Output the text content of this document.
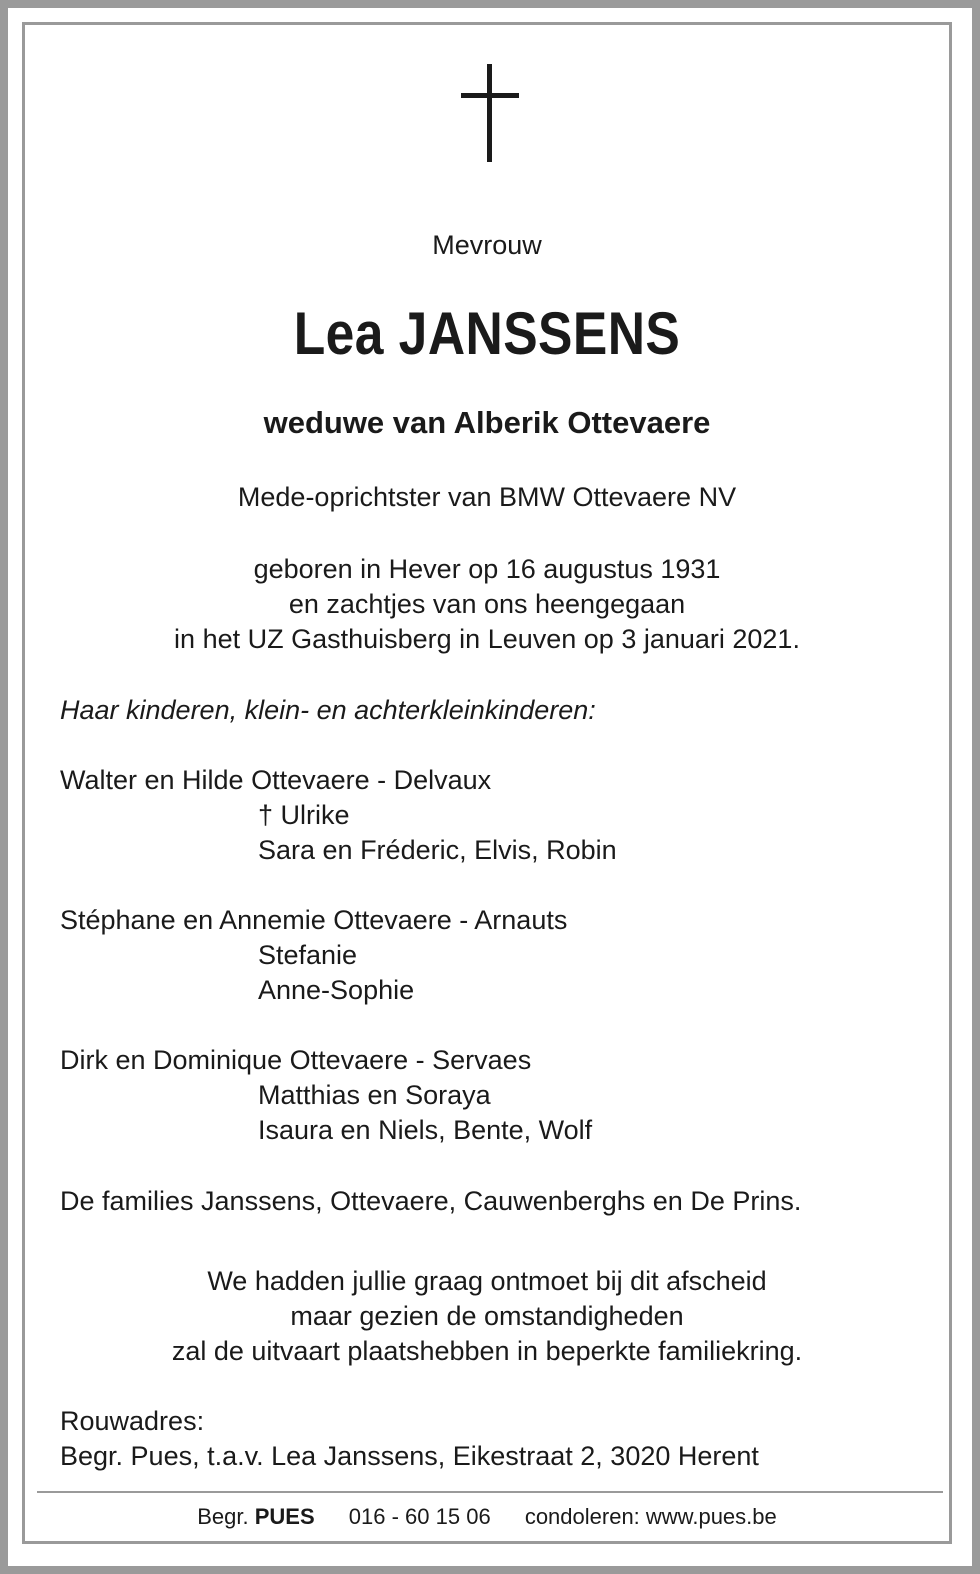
Mevrouw
Lea JANSSENS
weduwe van Alberik Ottevaere
Mede-oprichtster van BMW Ottevaere NV
geboren in Hever op 16 augustus 1931
en zachtjes van ons heengegaan
in het UZ Gasthuisberg in Leuven op 3 januari 2021.
Haar kinderen, klein- en achterkleinkinderen:
Walter en Hilde Ottevaere - Delvaux
† Ulrike
Sara en Fréderic, Elvis, Robin
Stéphane en Annemie Ottevaere - Arnauts
Stefanie
Anne-Sophie
Dirk en Dominique Ottevaere - Servaes
Matthias en Soraya
Isaura en Niels, Bente, Wolf
De families Janssens, Ottevaere, Cauwenberghs en De Prins.
We hadden jullie graag ontmoet bij dit afscheid
maar gezien de omstandigheden
zal de uitvaart plaatshebben in beperkte familiekring.
Rouwadres:
Begr. Pues, t.a.v. Lea Janssens, Eikestraat 2, 3020 Herent
Begr. PUES 016 - 60 15 06 condoleren: www.pues.be
